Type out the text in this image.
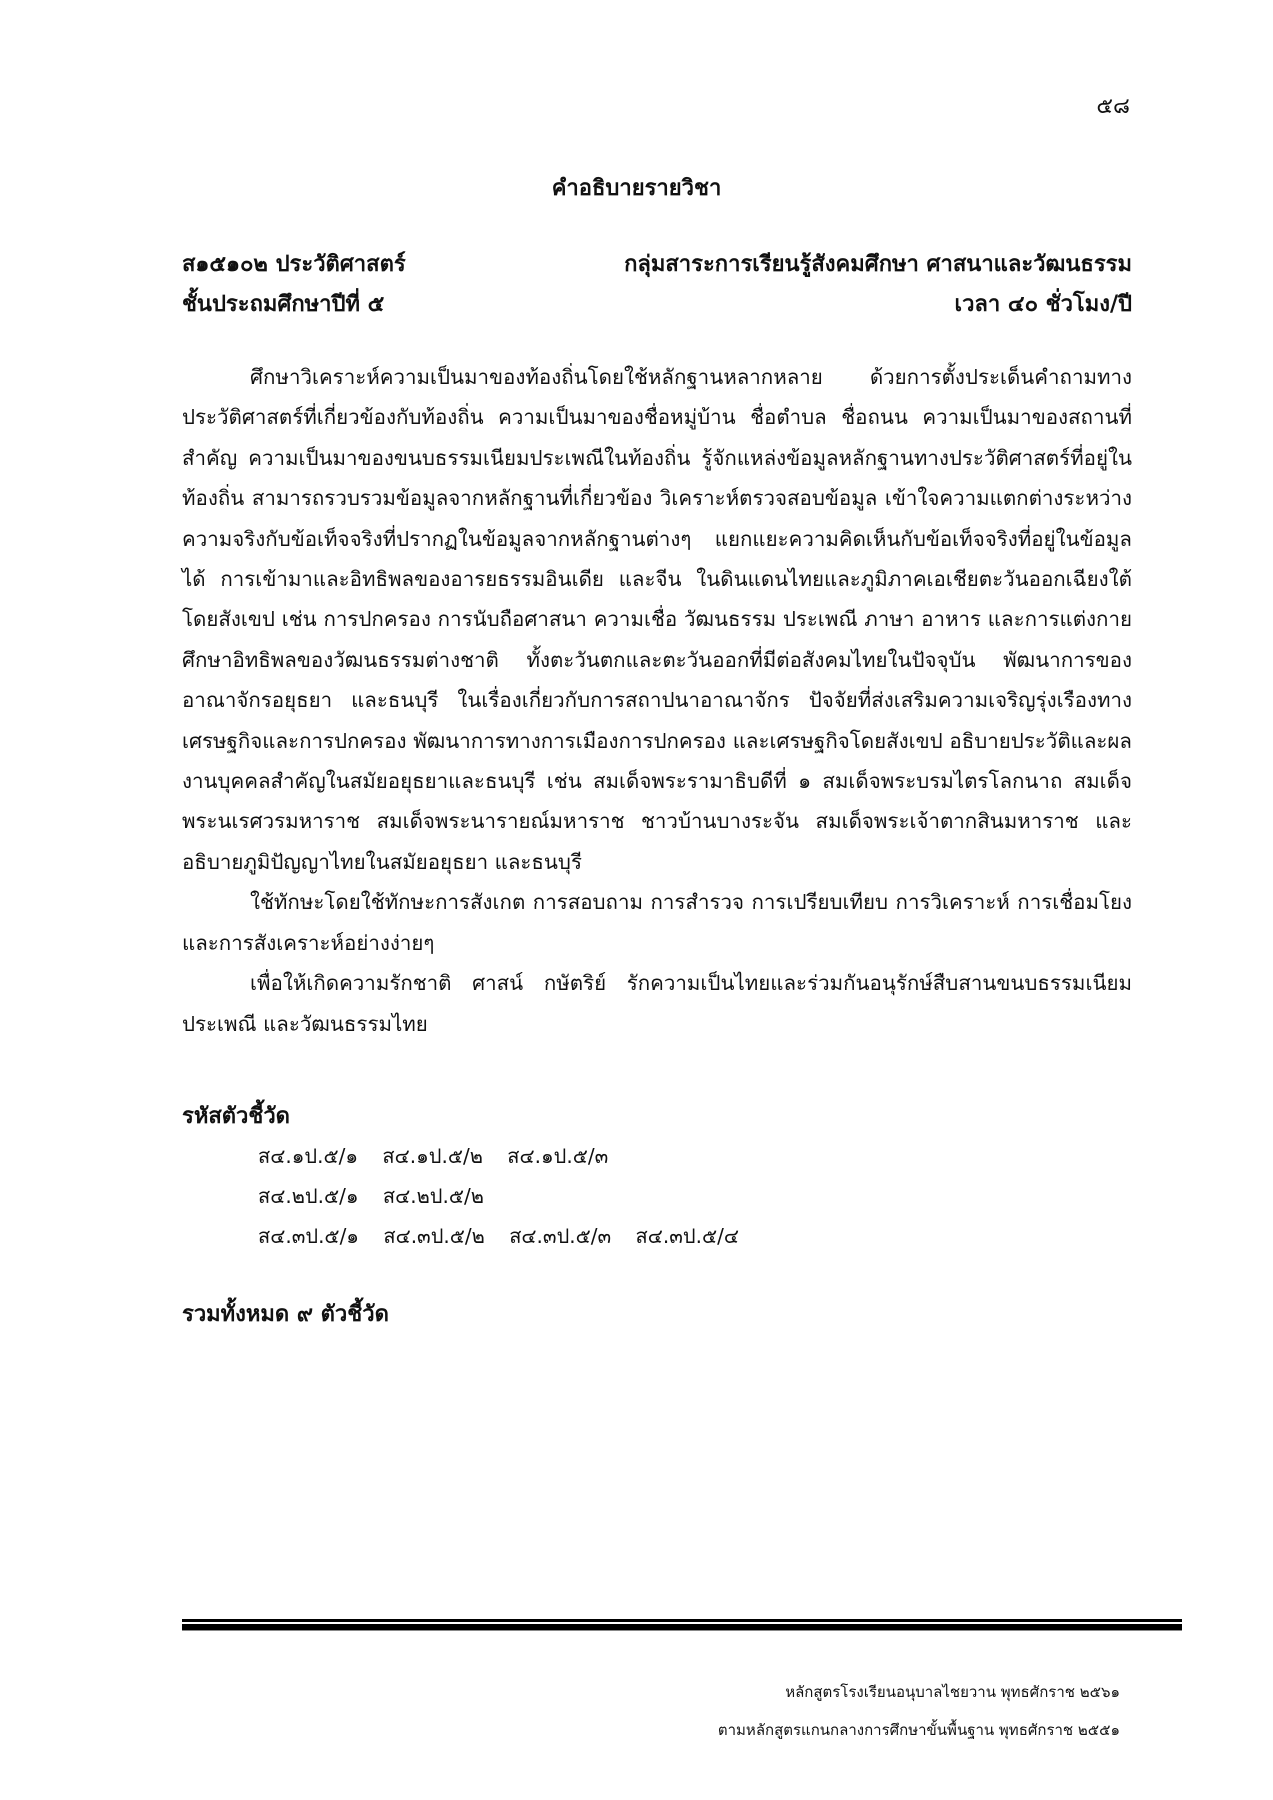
๕๘
คำอธิบายรายวิชา
ส๑๕๑๐๒ ประวัติศาสตร์	กลุ่มสาระการเรียนรู้สังคมศึกษา ศาสนาและวัฒนธรรม
ชั้นประถมศึกษาปีที่ ๕	เวลา ๔๐ ชั่วโมง/ปี

ศึกษาวิเคราะห์ความเป็นมาของท้องถิ่นโดยใช้หลักฐานหลากหลาย ด้วยการตั้งประเด็นคำถามทางประวัติศาสตร์ที่เกี่ยวข้องกับท้องถิ่น ความเป็นมาของชื่อหมู่บ้าน ชื่อตำบล ชื่อถนน ความเป็นมาของสถานที่สำคัญ ความเป็นมาของขนบธรรมเนียมประเพณีในท้องถิ่น รู้จักแหล่งข้อมูลหลักฐานทางประวัติศาสตร์ที่อยู่ในท้องถิ่น สามารถรวบรวมข้อมูลจากหลักฐานที่เกี่ยวข้อง วิเคราะห์ตรวจสอบข้อมูล เข้าใจความแตกต่างระหว่างความจริงกับข้อเท็จจริงที่ปรากฏในข้อมูลจากหลักฐานต่างๆ แยกแยะความคิดเห็นกับข้อเท็จจริงที่อยู่ในข้อมูลได้ การเข้ามาและอิทธิพลของอารยธรรมอินเดีย และจีน ในดินแดนไทยและภูมิภาคเอเชียตะวันออกเฉียงใต้โดยสังเขป เช่น การปกครอง การนับถือศาสนา ความเชื่อ วัฒนธรรม ประเพณี ภาษา อาหาร และการแต่งกาย ศึกษาอิทธิพลของวัฒนธรรมต่างชาติ ทั้งตะวันตกและตะวันออกที่มีต่อสังคมไทยในปัจจุบัน พัฒนาการของอาณาจักรอยุธยา และธนบุรี ในเรื่องเกี่ยวกับการสถาปนาอาณาจักร ปัจจัยที่ส่งเสริมความเจริญรุ่งเรืองทางเศรษฐกิจและการปกครอง พัฒนาการทางการเมืองการปกครอง และเศรษฐกิจโดยสังเขป อธิบายประวัติและผลงานบุคคลสำคัญในสมัยอยุธยาและธนบุรี เช่น สมเด็จพระรามาธิบดีที่ ๑ สมเด็จพระบรมไตรโลกนาถ สมเด็จพระนเรศวรมหาราช สมเด็จพระนารายณ์มหาราช ชาวบ้านบางระจัน สมเด็จพระเจ้าตากสินมหาราช และอธิบายภูมิปัญญาไทยในสมัยอยุธยา และธนบุรี

ใช้ทักษะโดยใช้ทักษะการสังเกต การสอบถาม การสำรวจ การเปรียบเทียบ การวิเคราะห์ การเชื่อมโยง และการสังเคราะห์อย่างง่ายๆ

เพื่อให้เกิดความรักชาติ ศาสน์ กษัตริย์ รักความเป็นไทยและร่วมกันอนุรักษ์สืบสานขนบธรรมเนียมประเพณี และวัฒนธรรมไทย

รหัสตัวชี้วัด
ส๔.๑ป.๕/๑ ส๔.๑ป.๕/๒ ส๔.๑ป.๕/๓
ส๔.๒ป.๕/๑ ส๔.๒ป.๕/๒
ส๔.๓ป.๕/๑ ส๔.๓ป.๕/๒ ส๔.๓ป.๕/๓ ส๔.๓ป.๕/๔
รวมทั้งหมด ๙ ตัวชี้วัด
หลักสูตรโรงเรียนอนุบาลไชยวาน พุทธศักราช ๒๕๖๑
ตามหลักสูตรแกนกลางการศึกษาขั้นพื้นฐาน พุทธศักราช ๒๕๕๑
